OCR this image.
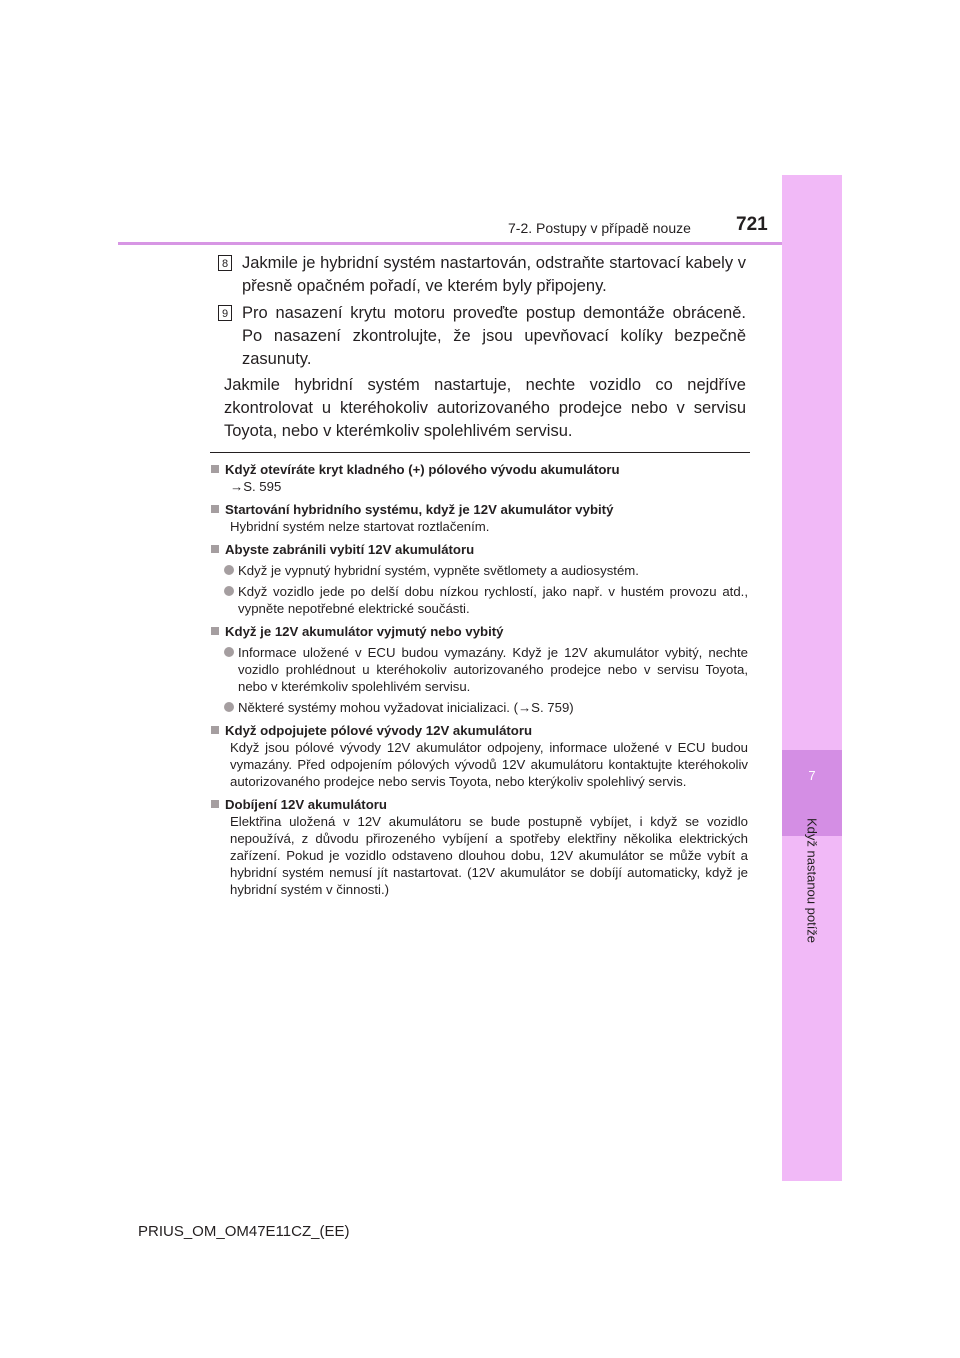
7-2. Postupy v případě nouze 721
7
Když nastanou potíže
8 Jakmile je hybridní systém nastartován, odstraňte startovací kabely v přesně opačném pořadí, ve kterém byly připojeny.
9 Pro nasazení krytu motoru proveďte postup demontáže obráceně. Po nasazení zkontrolujte, že jsou upevňovací kolíky bezpečně zasunuty.
Jakmile hybridní systém nastartuje, nechte vozidlo co nejdříve zkontrolovat u kteréhokoliv autorizovaného prodejce nebo v servisu Toyota, nebo v kterémkoliv spolehlivém servisu.
Když otevíráte kryt kladného (+) pólového vývodu akumulátoru
→S. 595
Startování hybridního systému, když je 12V akumulátor vybitý
Hybridní systém nelze startovat roztlačením.
Abyste zabránili vybití 12V akumulátoru
Když je vypnutý hybridní systém, vypněte světlomety a audiosystém.
Když vozidlo jede po delší dobu nízkou rychlostí, jako např. v hustém provozu atd., vypněte nepotřebné elektrické součásti.
Když je 12V akumulátor vyjmutý nebo vybitý
Informace uložené v ECU budou vymazány. Když je 12V akumulátor vybitý, nechte vozidlo prohlédnout u kteréhokoliv autorizovaného prodejce nebo v servisu Toyota, nebo v kterémkoliv spolehlivém servisu.
Některé systémy mohou vyžadovat inicializaci. (→S. 759)
Když odpojujete pólové vývody 12V akumulátoru
Když jsou pólové vývody 12V akumulátor odpojeny, informace uložené v ECU budou vymazány. Před odpojením pólových vývodů 12V akumulátoru kontaktujte kteréhokoliv autorizovaného prodejce nebo servis Toyota, nebo kterýkoliv spolehlivý servis.
Dobíjení 12V akumulátoru
Elektřina uložená v 12V akumulátoru se bude postupně vybíjet, i když se vozidlo nepoužívá, z důvodu přirozeného vybíjení a spotřeby elektřiny několika elektrických zařízení. Pokud je vozidlo odstaveno dlouhou dobu, 12V akumulátor se může vybít a hybridní systém nemusí jít nastartovat. (12V akumulátor se dobíjí automaticky, když je hybridní systém v činnosti.)
PRIUS_OM_OM47E11CZ_(EE)
